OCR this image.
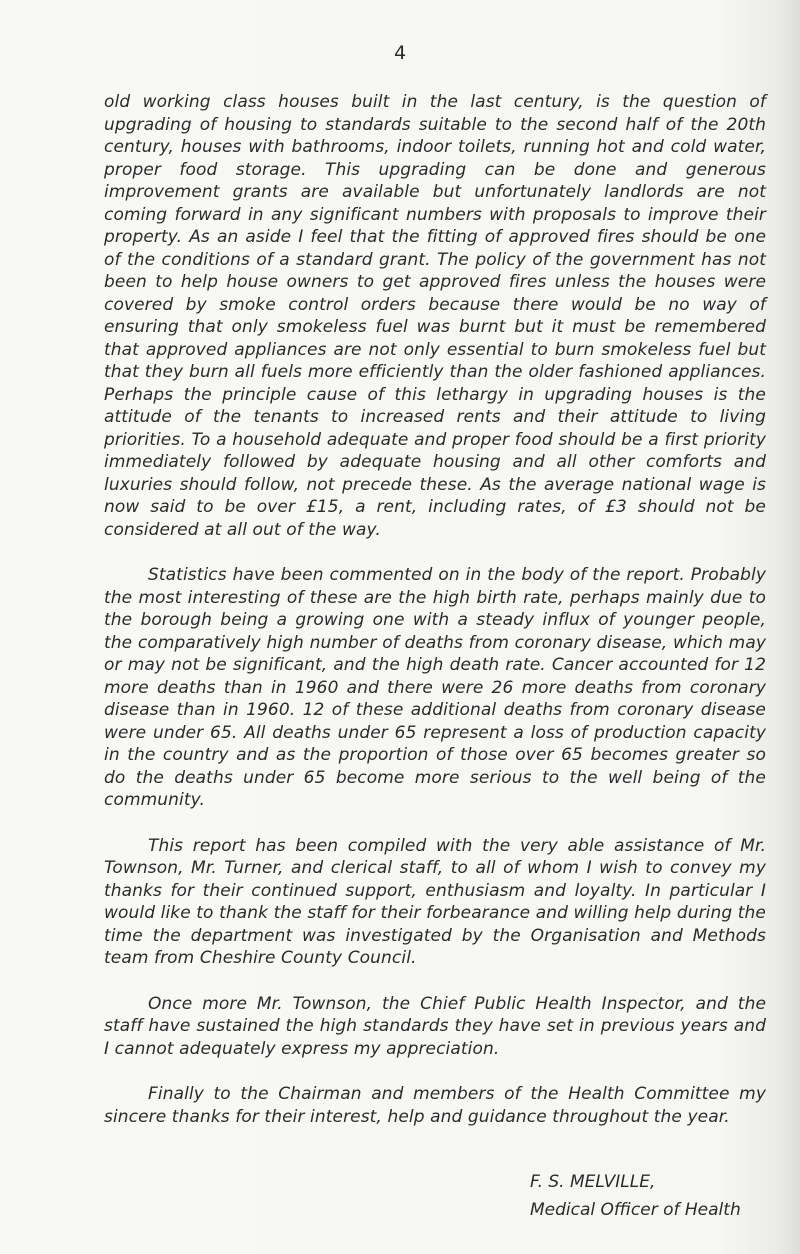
4

old working class houses built in the last century, is the question of upgrading of housing to standards suitable to the second half of the 20th century, houses with bathrooms, indoor toilets, running hot and cold water, proper food storage. This upgrading can be done and generous improvement grants are available but unfortunately landlords are not coming forward in any significant numbers with proposals to improve their property. As an aside I feel that the fitting of approved fires should be one of the conditions of a standard grant. The policy of the government has not been to help house owners to get approved fires unless the houses were covered by smoke control orders because there would be no way of ensuring that only smokeless fuel was burnt but it must be remembered that approved appliances are not only essential to burn smokeless fuel but that they burn all fuels more efficiently than the older fashioned appliances. Perhaps the principle cause of this lethargy in upgrading houses is the attitude of the tenants to increased rents and their attitude to living priorities. To a household adequate and proper food should be a first priority immediately followed by adequate housing and all other comforts and luxuries should follow, not precede these. As the average national wage is now said to be over £15, a rent, including rates, of £3 should not be considered at all out of the way.

Statistics have been commented on in the body of the report. Probably the most interesting of these are the high birth rate, perhaps mainly due to the borough being a growing one with a steady influx of younger people, the comparatively high number of deaths from coronary disease, which may or may not be significant, and the high death rate. Cancer accounted for 12 more deaths than in 1960 and there were 26 more deaths from coronary disease than in 1960. 12 of these additional deaths from coronary disease were under 65. All deaths under 65 represent a loss of production capacity in the country and as the proportion of those over 65 becomes greater so do the deaths under 65 become more serious to the well being of the community.

This report has been compiled with the very able assistance of Mr. Townson, Mr. Turner, and clerical staff, to all of whom I wish to convey my thanks for their continued support, enthusiasm and loyalty. In particular I would like to thank the staff for their forbearance and willing help during the time the department was investigated by the Organisation and Methods team from Cheshire County Council.

Once more Mr. Townson, the Chief Public Health Inspector, and the staff have sustained the high standards they have set in previous years and I cannot adequately express my appreciation.

Finally to the Chairman and members of the Health Committee my sincere thanks for their interest, help and guidance throughout the year.

F. S. MELVILLE,
Medical Officer of Health
